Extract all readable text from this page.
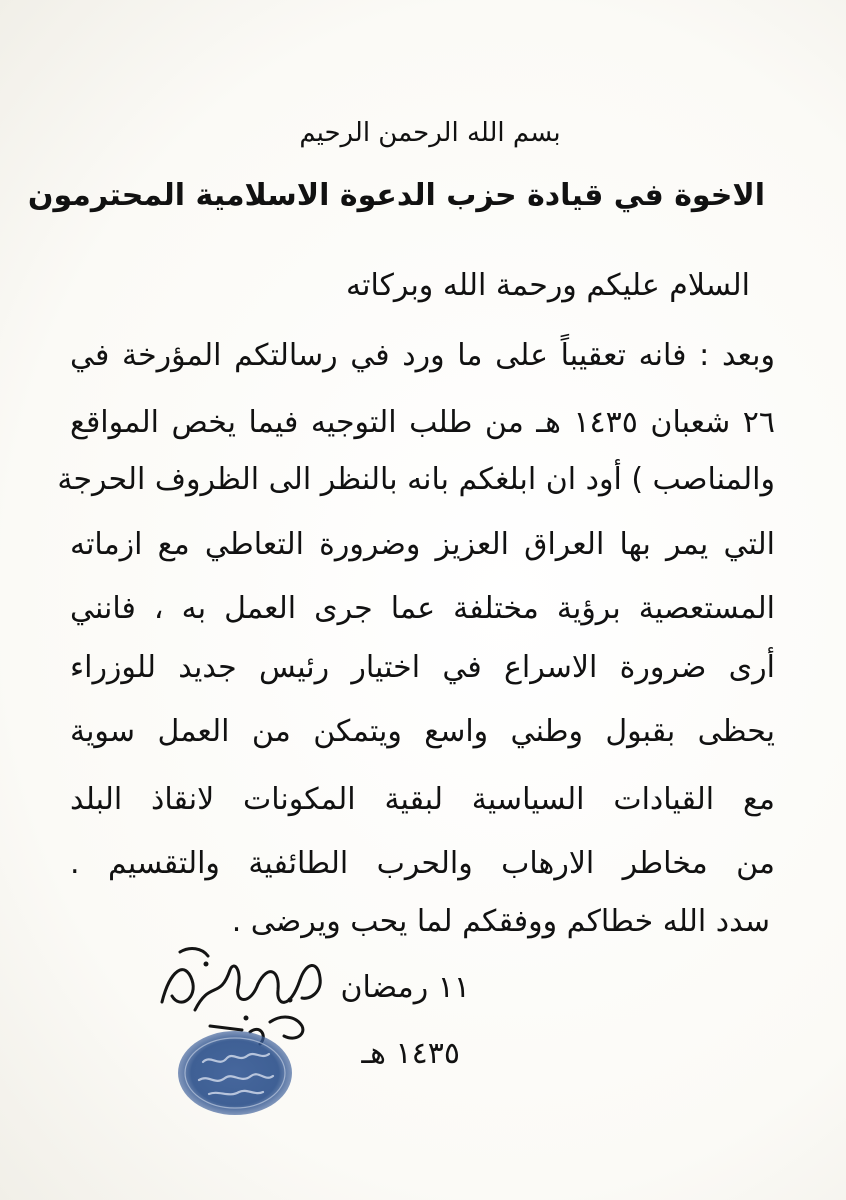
بسم الله الرحمن الرحيم
الاخوة في قيادة حزب الدعوة الاسلامية المحترمون
السلام عليكم ورحمة الله وبركاته
وبعد : فانه تعقيباً على ما ورد في رسالتكم المؤرخة في
٢٦ شعبان ١٤٣٥ هـ من طلب التوجيه فيما يخص المواقع
والمناصب ) أود ان ابلغكم بانه بالنظر الى الظروف الحرجة
التي يمر بها العراق العزيز وضرورة التعاطي مع ازماته
المستعصية برؤية مختلفة عما جرى العمل به ، فانني
أرى ضرورة الاسراع في اختيار رئيس جديد للوزراء
يحظى بقبول وطني واسع ويتمكن من العمل سوية
مع القيادات السياسية لبقية المكونات لانقاذ البلد
من مخاطر الارهاب والحرب الطائفية والتقسيم .
سدد الله خطاكم ووفقكم لما يحب ويرضى .
١١ رمضان
١٤٣٥ هـ
